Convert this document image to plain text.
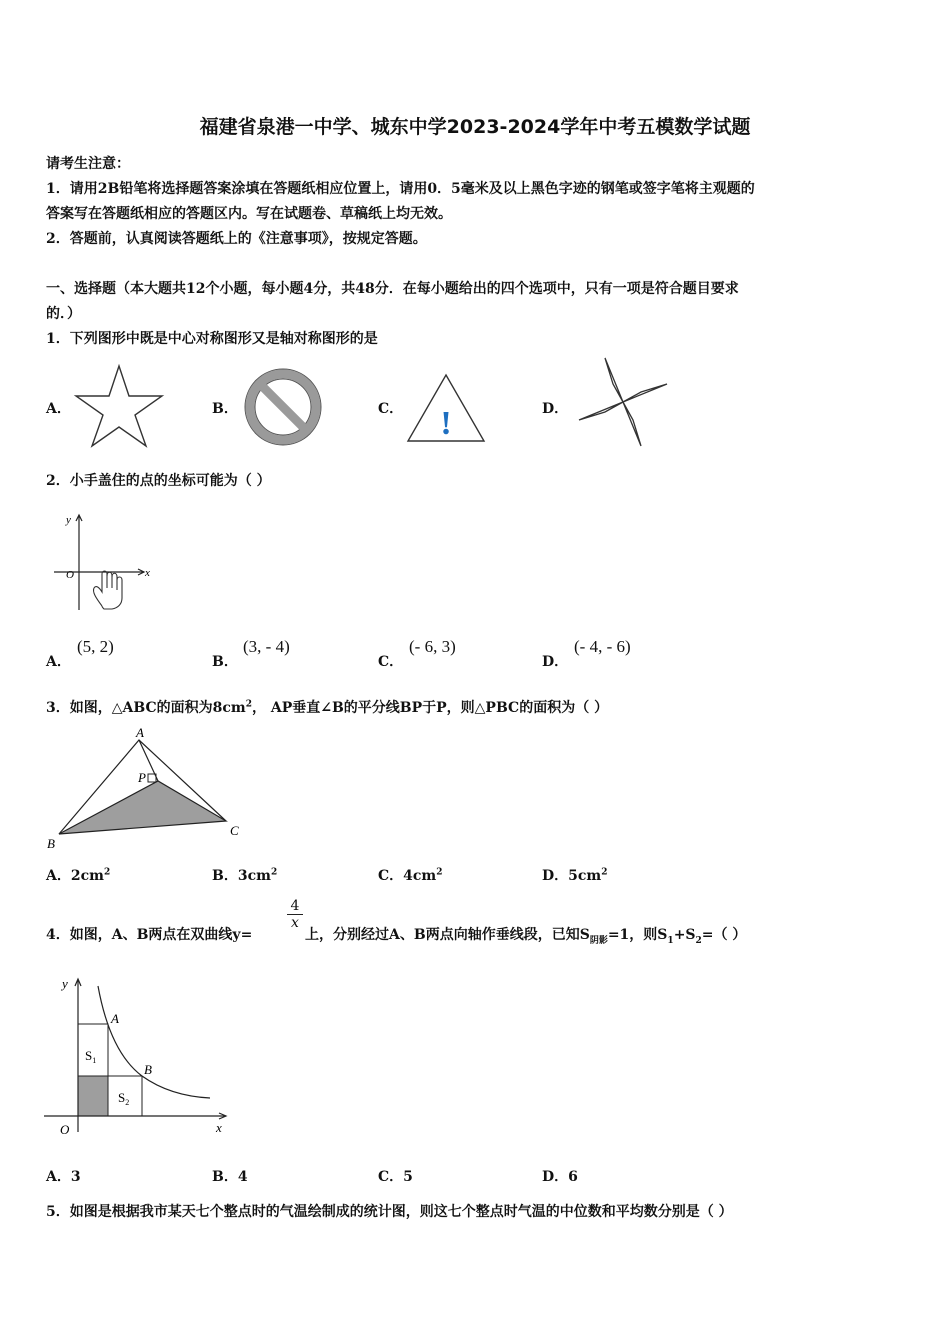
福建省泉港一中学、城东中学2023-2024学年中考五模数学试题
请考生注意：
1．请用2B铅笔将选择题答案涂填在答题纸相应位置上，请用0．5毫米及以上黑色字迹的钢笔或签字笔将主观题的
答案写在答题纸相应的答题区内。写在试题卷、草稿纸上均无效。
2．答题前，认真阅读答题纸上的《注意事项》，按规定答题。
一、选择题（本大题共12个小题，每小题4分，共48分．在每小题给出的四个选项中，只有一项是符合题目要求
的．）
1．下列图形中既是中心对称图形又是轴对称图形的是
A．	B．	C． !	D．
2．小手盖住的点的坐标可能为（ ）
y
x
O
A．
(5, 2)
B．
(3, - 4)
C．
(- 6, 3)
D．
(- 4, - 6)
3．如图，△ABC的面积为$8cm^2$， AP垂直∠B的平分线BP于P，则△PBC的面积为（ ）
A
B
C
P
A．$2cm^2$	B．$3cm^2$	C．$4cm^2$	D．$5cm^2$
4．如图，A、B两点在双曲线y=
$\frac{4}{x}$
上，分别经过A、B两点向轴作垂线段，已知$S_{阴影}=1$，则$S_1+S_2=$（ ）
y
x
O
A
B
$S_1$
$S_2$
A．3	B．4	C．5	D．6
5．如图是根据我市某天七个整点时的气温绘制成的统计图，则这七个整点时气温的中位数和平均数分别是（ ）
